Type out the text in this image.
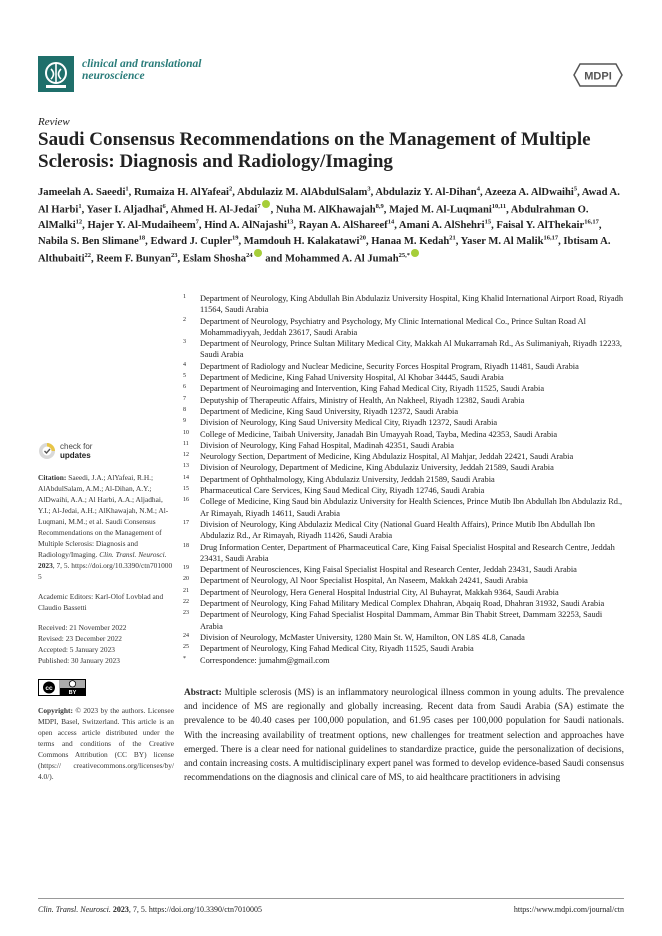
clinical and translational
neuroscience	MDPI
Review
Saudi Consensus Recommendations on the Management of Multiple Sclerosis: Diagnosis and Radiology/Imaging
Jameelah A. Saeedi$^1$, Rumaiza H. AlYafeai$^2$, Abdulaziz M. AlAbdulSalam$^3$, Abdulaziz Y. Al-Dihan$^4$, Azeeza A. AlDwaihi$^5$, Awad A. Al Harbi$^1$, Yaser I. Aljadhai$^6$, Ahmed H. Al-Jedai$^7$ , Nuha M. AlKhawajah$^{8,9}$, Majed M. Al-Luqmani$^{10,11}$, Abdulrahman O. AlMalki$^{12}$, Hajer Y. Al-Mudaiheem$^7$, Hind A. AlNajashi$^{13}$, Rayan A. AlShareef$^{14}$, Amani A. AlShehri$^{15}$, Faisal Y. AlThekair$^{16,17}$, Nabila S. Ben Slimane$^{18}$, Edward J. Cupler$^{19}$, Mamdouh H. Kalakatawi$^{20}$, Hanaa M. Kedah$^{21}$, Yaser M. Al Malik$^{16,17}$, Ibtisam A. Althubaiti$^{22}$, Reem F. Bunyan$^{23}$, Eslam Shosha$^{24}$ and Mohammed A. Al Jumah$^{25,*}$
1 Department of Neurology, King Abdullah Bin Abdulaziz University Hospital, King Khalid International Airport Road, Riyadh 11564, Saudi Arabia
2 Department of Neurology, Psychiatry and Psychology, My Clinic International Medical Co., Prince Sultan Road Al Mohammadiyyah, Jeddah 23617, Saudi Arabia
3 Department of Neurology, Prince Sultan Military Medical City, Makkah Al Mukarramah Rd., As Sulimaniyah, Riyadh 12233, Saudi Arabia
4 Department of Radiology and Nuclear Medicine, Security Forces Hospital Program, Riyadh 11481, Saudi Arabia
5 Department of Medicine, King Fahad University Hospital, Al Khobar 34445, Saudi Arabia
6 Department of Neuroimaging and Intervention, King Fahad Medical City, Riyadh 11525, Saudi Arabia
7 Deputyship of Therapeutic Affairs, Ministry of Health, An Nakheel, Riyadh 12382, Saudi Arabia
8 Department of Medicine, King Saud University, Riyadh 12372, Saudi Arabia
9 Division of Neurology, King Saud University Medical City, Riyadh 12372, Saudi Arabia
10 College of Medicine, Taibah University, Janadah Bin Umayyah Road, Tayba, Medina 42353, Saudi Arabia
11 Division of Neurology, King Fahad Hospital, Madinah 42351, Saudi Arabia
12 Neurology Section, Department of Medicine, King Abdulaziz Hospital, Al Mahjar, Jeddah 22421, Saudi Arabia
13 Division of Neurology, Department of Medicine, King Abdulaziz University, Jeddah 21589, Saudi Arabia
14 Department of Ophthalmology, King Abdulaziz University, Jeddah 21589, Saudi Arabia
15 Pharmaceutical Care Services, King Saud Medical City, Riyadh 12746, Saudi Arabia
16 College of Medicine, King Saud bin Abdulaziz University for Health Sciences, Prince Mutib Ibn Abdullah Ibn Abdulaziz Rd., Ar Rimayah, Riyadh 14611, Saudi Arabia
17 Division of Neurology, King Abdulaziz Medical City (National Guard Health Affairs), Prince Mutib Ibn Abdullah Ibn Abdulaziz Rd., Ar Rimayah, Riyadh 11426, Saudi Arabia
18 Drug Information Center, Department of Pharmaceutical Care, King Faisal Specialist Hospital and Research Centre, Jeddah 23431, Saudi Arabia
19 Department of Neurosciences, King Faisal Specialist Hospital and Research Center, Jeddah 23431, Saudi Arabia
20 Department of Neurology, Al Noor Specialist Hospital, An Naseem, Makkah 24241, Saudi Arabia
21 Department of Neurology, Hera General Hospital Industrial City, Al Buhayrat, Makkah 9364, Saudi Arabia
22 Department of Neurology, King Fahad Military Medical Complex Dhahran, Abqaiq Road, Dhahran 31932, Saudi Arabia
23 Department of Neurology, King Fahad Specialist Hospital Dammam, Ammar Bin Thabit Street, Dammam 32253, Saudi Arabia
24 Division of Neurology, McMaster University, 1280 Main St. W, Hamilton, ON L8S 4L8, Canada
25 Department of Neurology, King Fahad Medical City, Riyadh 11525, Saudi Arabia
* Correspondence: jumahm@gmail.com
check for
updates
Citation: Saeedi, J.A.; AlYafeai, R.H.; AlAbdulSalam, A.M.; Al-Dihan, A.Y.; AlDwaihi, A.A.; Al Harbi, A.A.; Aljadhai, Y.I.; Al-Jedai, A.H.; AlKhawajah, N.M.; Al-Luqmani, M.M.; et al. Saudi Consensus Recommendations on the Management of Multiple Sclerosis: Diagnosis and Radiology/Imaging. Clin. Transl. Neurosci. 2023, 7, 5. https://doi.org/10.3390/ctn7010005
Academic Editors: Karl-Olof Lovblad and Claudio Bassetti
Received: 21 November 2022
Revised: 23 December 2022
Accepted: 5 January 2023
Published: 30 January 2023
cc
BY
Copyright: © 2023 by the authors. Licensee MDPI, Basel, Switzerland. This article is an open access article distributed under the terms and conditions of the Creative Commons Attribution (CC BY) license (https:// creativecommons.org/licenses/by/ 4.0/).
Abstract: Multiple sclerosis (MS) is an inflammatory neurological illness common in young adults. The prevalence and incidence of MS are regionally and globally increasing. Recent data from Saudi Arabia (SA) estimate the prevalence to be 40.40 cases per 100,000 population, and 61.95 cases per 100,000 population for Saudi nationals. With the increasing availability of treatment options, new challenges for treatment selection and approaches have emerged. There is a clear need for national guidelines to standardize practice, guide the personalization of decisions, and contain increasing costs. A multidisciplinary expert panel was formed to develop evidence-based Saudi consensus recommendations on the diagnosis and clinical care of MS, to aid healthcare practitioners in advising
Clin. Transl. Neurosci. 2023, 7, 5. https://doi.org/10.3390/ctn7010005	https://www.mdpi.com/journal/ctn
